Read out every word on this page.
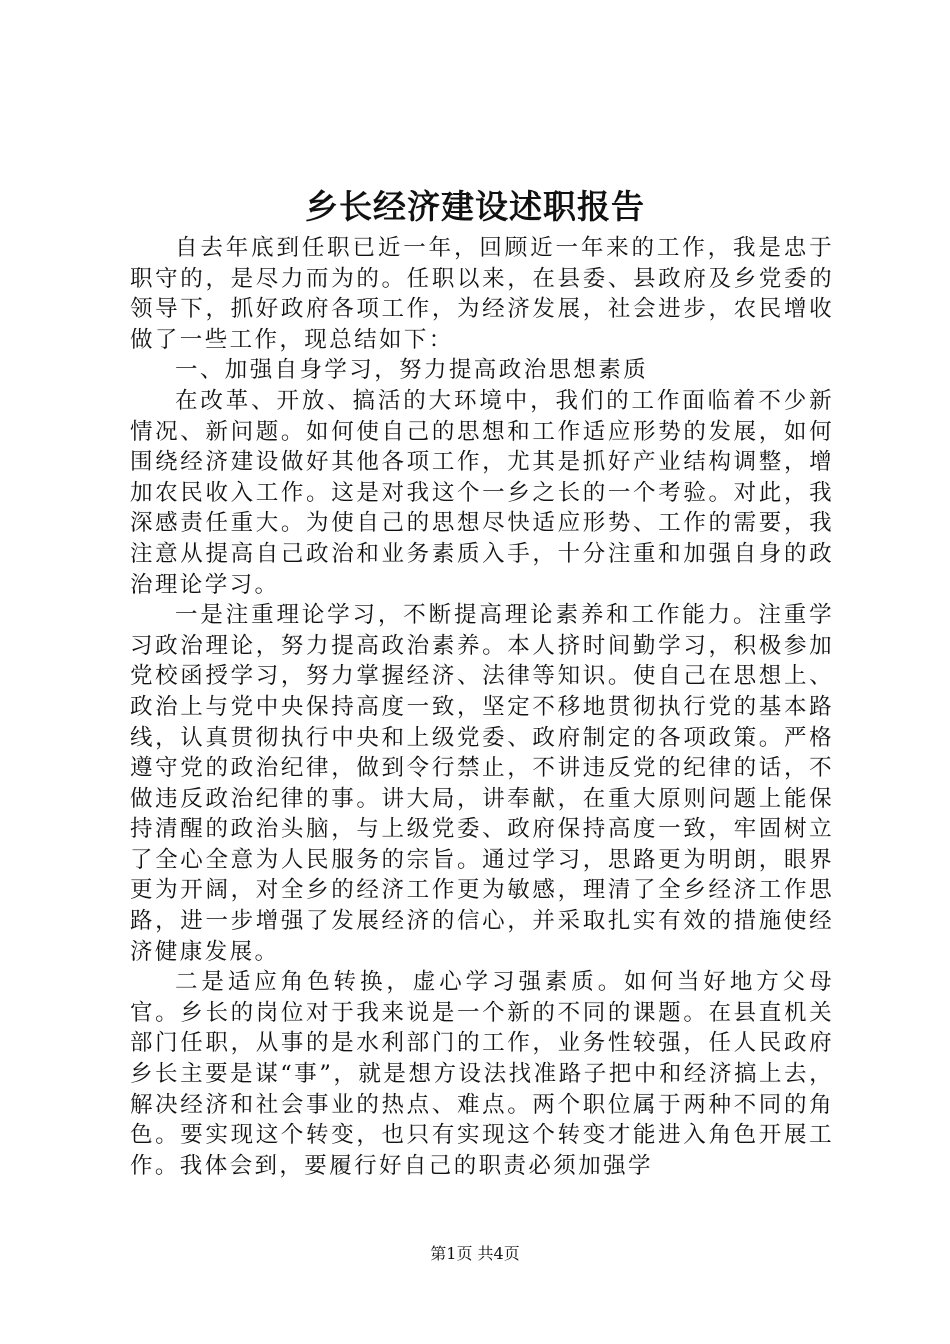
乡长经济建设述职报告

自去年底到任职已近一年，回顾近一年来的工作，我是忠于职守的，是尽力而为的。任职以来，在县委、县政府及乡党委的领导下，抓好政府各项工作，为经济发展，社会进步，农民增收做了一些工作，现总结如下：

一、加强自身学习，努力提高政治思想素质

在改革、开放、搞活的大环境中，我们的工作面临着不少新情况、新问题。如何使自己的思想和工作适应形势的发展，如何围绕经济建设做好其他各项工作，尤其是抓好产业结构调整，增加农民收入工作。这是对我这个一乡之长的一个考验。对此，我深感责任重大。为使自己的思想尽快适应形势、工作的需要，我注意从提高自己政治和业务素质入手，十分注重和加强自身的政治理论学习。

一是注重理论学习，不断提高理论素养和工作能力。注重学习政治理论，努力提高政治素养。本人挤时间勤学习，积极参加党校函授学习，努力掌握经济、法律等知识。使自己在思想上、政治上与党中央保持高度一致，坚定不移地贯彻执行党的基本路线，认真贯彻执行中央和上级党委、政府制定的各项政策。严格遵守党的政治纪律，做到令行禁止，不讲违反党的纪律的话，不做违反政治纪律的事。讲大局，讲奉献，在重大原则问题上能保持清醒的政治头脑，与上级党委、政府保持高度一致，牢固树立了全心全意为人民服务的宗旨。通过学习，思路更为明朗，眼界更为开阔，对全乡的经济工作更为敏感，理清了全乡经济工作思路，进一步增强了发展经济的信心，并采取扎实有效的措施使经济健康发展。

二是适应角色转换，虚心学习强素质。如何当好地方父母官。乡长的岗位对于我来说是一个新的不同的课题。在县直机关部门任职，从事的是水利部门的工作，业务性较强，任人民政府乡长主要是谋“事”，就是想方设法找准路子把中和经济搞上去，解决经济和社会事业的热点、难点。两个职位属于两种不同的角色。要实现这个转变，也只有实现这个转变才能进入角色开展工作。我体会到，要履行好自己的职责必须加强学

第1页 共4页
